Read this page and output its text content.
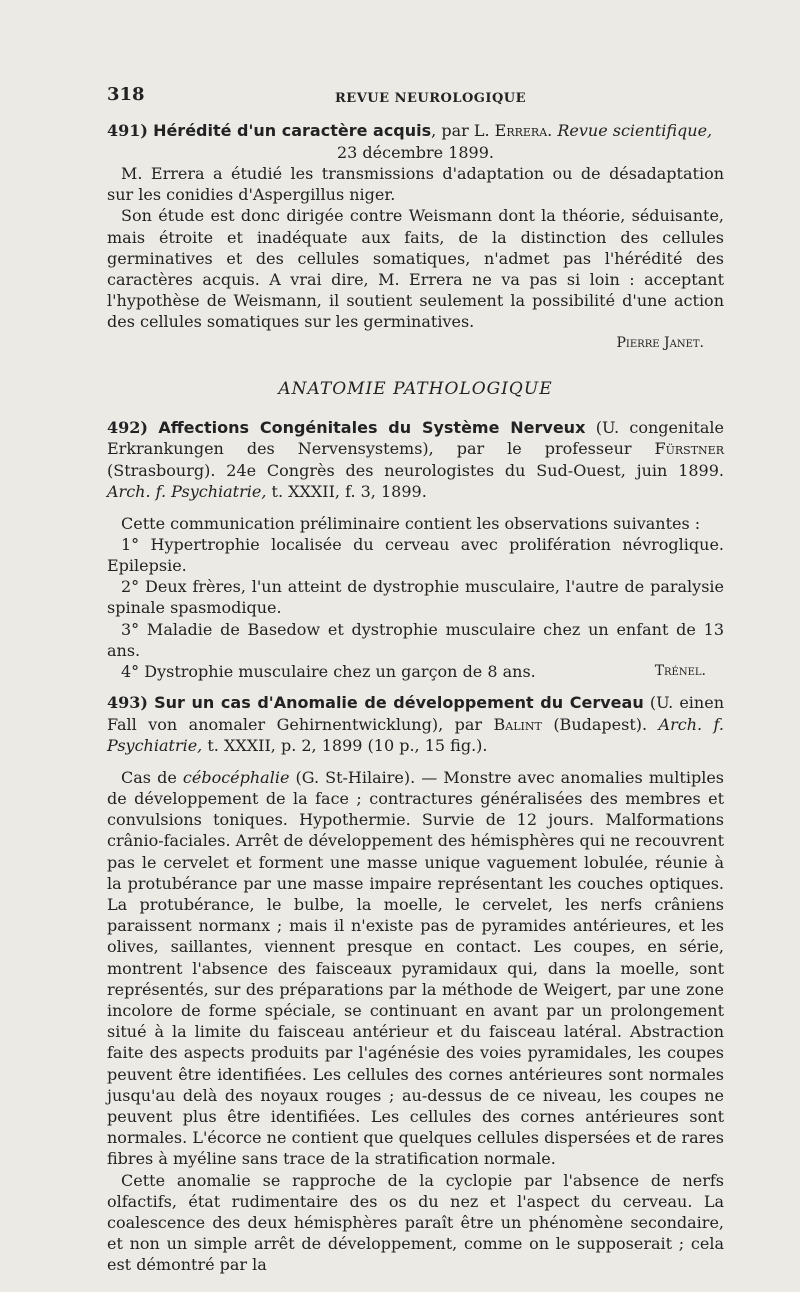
318	REVUE NEUROLOGIQUE
491) Hérédité d'un caractère acquis, par L. Errera. Revue scientifique,
23 décembre 1899.

M. Errera a étudié les transmissions d'adaptation ou de désadaptation sur les conidies d'Aspergillus niger.

Son étude est donc dirigée contre Weismann dont la théorie, séduisante, mais étroite et inadéquate aux faits, de la distinction des cellules germinatives et des cellules somatiques, n'admet pas l'hérédité des caractères acquis. A vrai dire, M. Errera ne va pas si loin : acceptant l'hypothèse de Weismann, il soutient seulement la possibilité d'une action des cellules somatiques sur les germinatives.

Pierre Janet.
ANATOMIE PATHOLOGIQUE
492) Affections Congénitales du Système Nerveux (U. congenitale Erkrankungen des Nervensystems), par le professeur Fürstner (Strasbourg). 24e Congrès des neurologistes du Sud-Ouest, juin 1899. Arch. f. Psychiatrie, t. XXXII, f. 3, 1899.

Cette communication préliminaire contient les observations suivantes :

1° Hypertrophie localisée du cerveau avec prolifération névroglique. Epilepsie.

2° Deux frères, l'un atteint de dystrophie musculaire, l'autre de paralysie spinale spasmodique.

3° Maladie de Basedow et dystrophie musculaire chez un enfant de 13 ans.

4° Dystrophie musculaire chez un garçon de 8 ans.	Trénel.

493) Sur un cas d'Anomalie de développement du Cerveau (U. einen Fall von anomaler Gehirnentwicklung), par Balint (Budapest). Arch. f. Psychiatrie, t. XXXII, p. 2, 1899 (10 p., 15 fig.).

Cas de cébocéphalie (G. St-Hilaire). — Monstre avec anomalies multiples de développement de la face ; contractures généralisées des membres et convulsions toniques. Hypothermie. Survie de 12 jours. Malformations crânio-faciales. Arrêt de développement des hémisphères qui ne recouvrent pas le cervelet et forment une masse unique vaguement lobulée, réunie à la protubérance par une masse impaire représentant les couches optiques. La protubérance, le bulbe, la moelle, le cervelet, les nerfs crâniens paraissent normanx ; mais il n'existe pas de pyramides antérieures, et les olives, saillantes, viennent presque en contact. Les coupes, en série, montrent l'absence des faisceaux pyramidaux qui, dans la moelle, sont représentés, sur des préparations par la méthode de Weigert, par une zone incolore de forme spéciale, se continuant en avant par un prolongement situé à la limite du faisceau antérieur et du faisceau latéral. Abstraction faite des aspects produits par l'agénésie des voies pyramidales, les coupes peuvent être identifiées. Les cellules des cornes antérieures sont normales jusqu'au delà des noyaux rouges ; au-dessus de ce niveau, les coupes ne peuvent plus être identifiées. Les cellules des cornes antérieures sont normales. L'écorce ne contient que quelques cellules dispersées et de rares fibres à myéline sans trace de la stratification normale.

Cette anomalie se rapproche de la cyclopie par l'absence de nerfs olfactifs, état rudimentaire des os du nez et l'aspect du cerveau. La coalescence des deux hémisphères paraît être un phénomène secondaire, et non un simple arrêt de développement, comme on le supposerait ; cela est démontré par la
